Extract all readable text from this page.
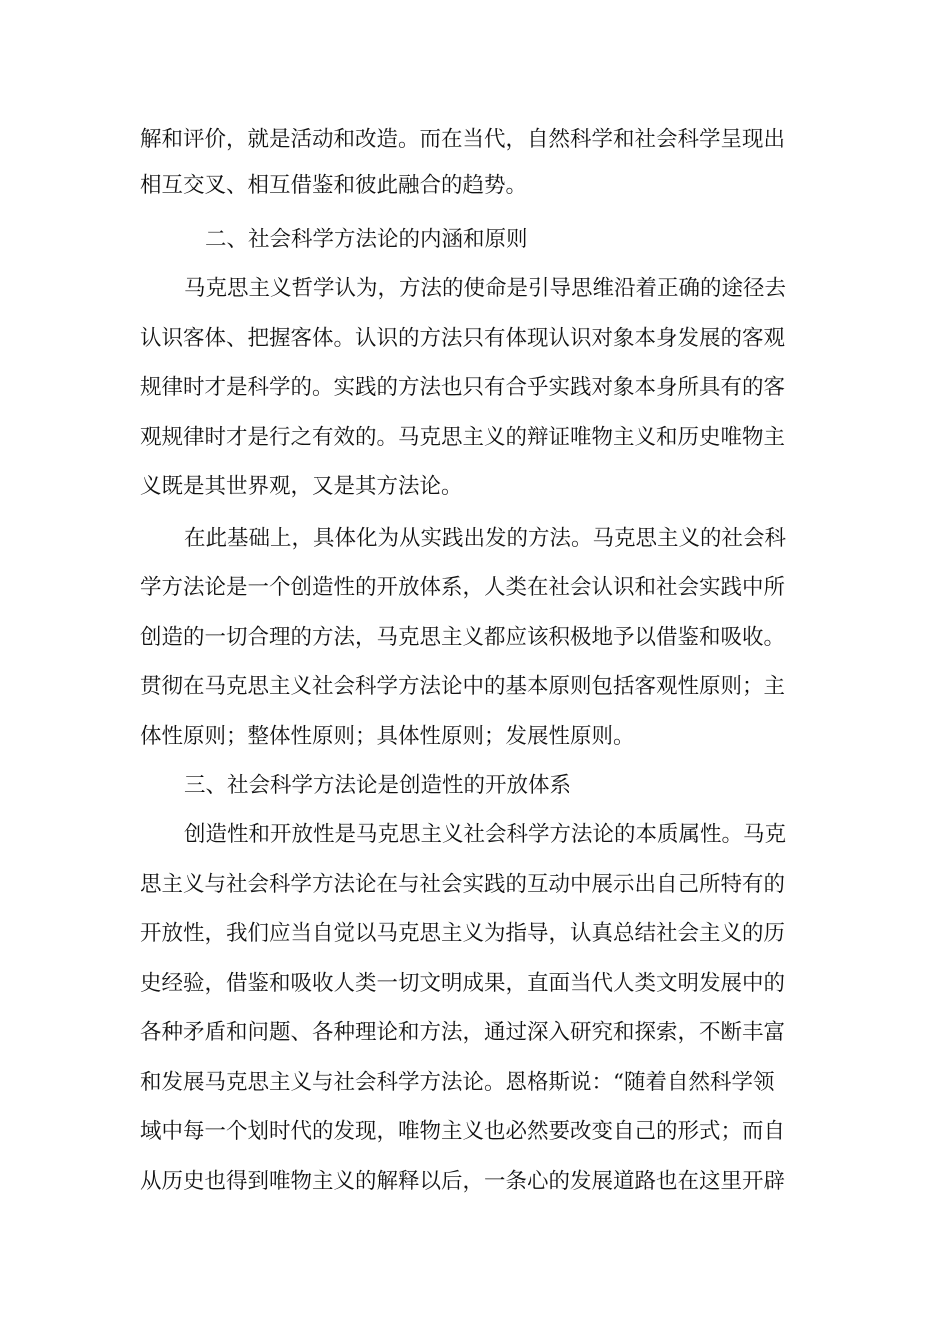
解和评价，就是活动和改造。而在当代，自然科学和社会科学呈现出
相互交叉、相互借鉴和彼此融合的趋势。
二、社会科学方法论的内涵和原则
马克思主义哲学认为，方法的使命是引导思维沿着正确的途径去
认识客体、把握客体。认识的方法只有体现认识对象本身发展的客观
规律时才是科学的。实践的方法也只有合乎实践对象本身所具有的客
观规律时才是行之有效的。马克思主义的辩证唯物主义和历史唯物主
义既是其世界观，又是其方法论。
在此基础上，具体化为从实践出发的方法。马克思主义的社会科
学方法论是一个创造性的开放体系，人类在社会认识和社会实践中所
创造的一切合理的方法，马克思主义都应该积极地予以借鉴和吸收。
贯彻在马克思主义社会科学方法论中的基本原则包括客观性原则；主
体性原则；整体性原则；具体性原则；发展性原则。
三、社会科学方法论是创造性的开放体系
创造性和开放性是马克思主义社会科学方法论的本质属性。马克
思主义与社会科学方法论在与社会实践的互动中展示出自己所特有的
开放性，我们应当自觉以马克思主义为指导，认真总结社会主义的历
史经验，借鉴和吸收人类一切文明成果，直面当代人类文明发展中的
各种矛盾和问题、各种理论和方法，通过深入研究和探索，不断丰富
和发展马克思主义与社会科学方法论。恩格斯说：“随着自然科学领
域中每一个划时代的发现，唯物主义也必然要改变自己的形式；而自
从历史也得到唯物主义的解释以后，一条心的发展道路也在这里开辟
